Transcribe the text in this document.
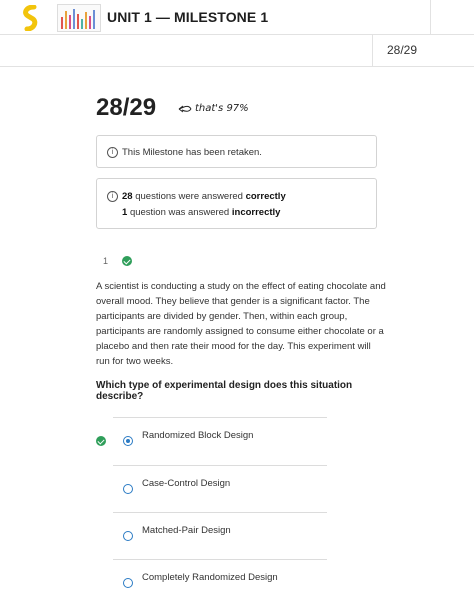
UNIT 1 — MILESTONE 1
28/29
28/29	that's 97%
i This Milestone has been retaken.
i 28 questions were answered correctly
1 question was answered incorrectly
1
A scientist is conducting a study on the effect of eating chocolate and overall mood. They believe that gender is a significant factor. The participants are divided by gender. Then, within each group, participants are randomly assigned to consume either chocolate or a placebo and then rate their mood for the day. This experiment will run for two weeks.
Which type of experimental design does this situation describe?
Randomized Block Design
Case-Control Design
Matched-Pair Design
Completely Randomized Design
